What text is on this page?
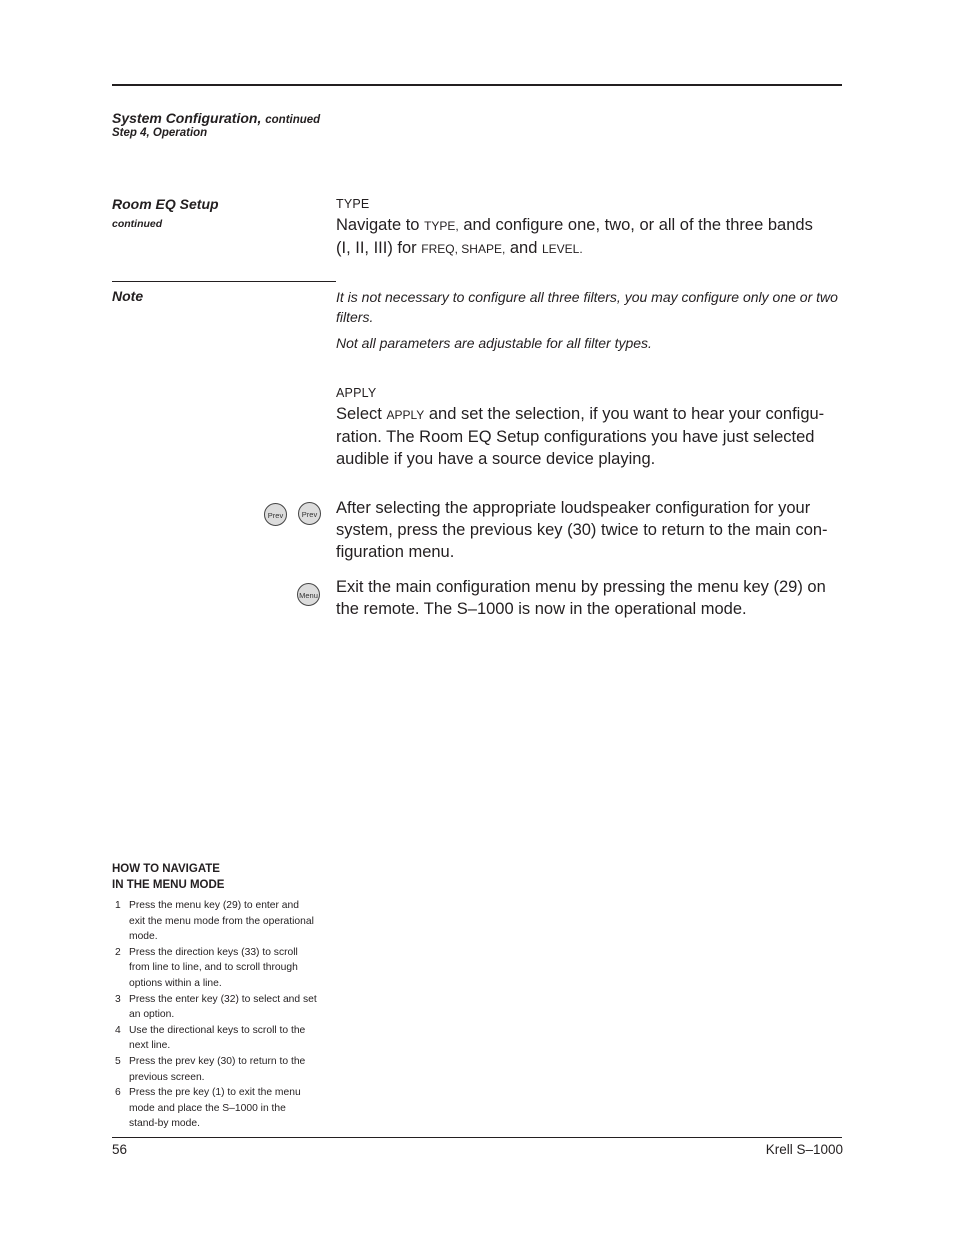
System Configuration, continued
Step 4, Operation
Room EQ Setup
continued
TYPE
Navigate to TYPE, and configure one, two, or all of the three bands
(I, II, III) for FREQ, SHAPE, and LEVEL.
Note	It is not necessary to configure all three filters, you may configure only one or two filters.
Not all parameters are adjustable for all filter types.
APPLY
Select APPLY and set the selection, if you want to hear your configu-ration. The Room EQ Setup configurations you have just selected audible if you have a source device playing.
Prev	Prev After selecting the appropriate loudspeaker configuration for your system, press the previous key (30) twice to return to the main con-figuration menu.
Menu Exit the main configuration menu by pressing the menu key (29) on the remote. The S–1000 is now in the operational mode.
HOW TO NAVIGATE
IN THE MENU MODE
1 Press the menu key (29) to enter and exit the menu mode from the operational mode.
2 Press the direction keys (33) to scroll from line to line, and to scroll through options within a line.
3 Press the enter key (32) to select and set an option.
4 Use the directional keys to scroll to the next line.
5 Press the prev key (30) to return to the previous screen.
6 Press the pre key (1) to exit the menu mode and place the S–1000 in the stand-by mode.
56	Krell S–1000
